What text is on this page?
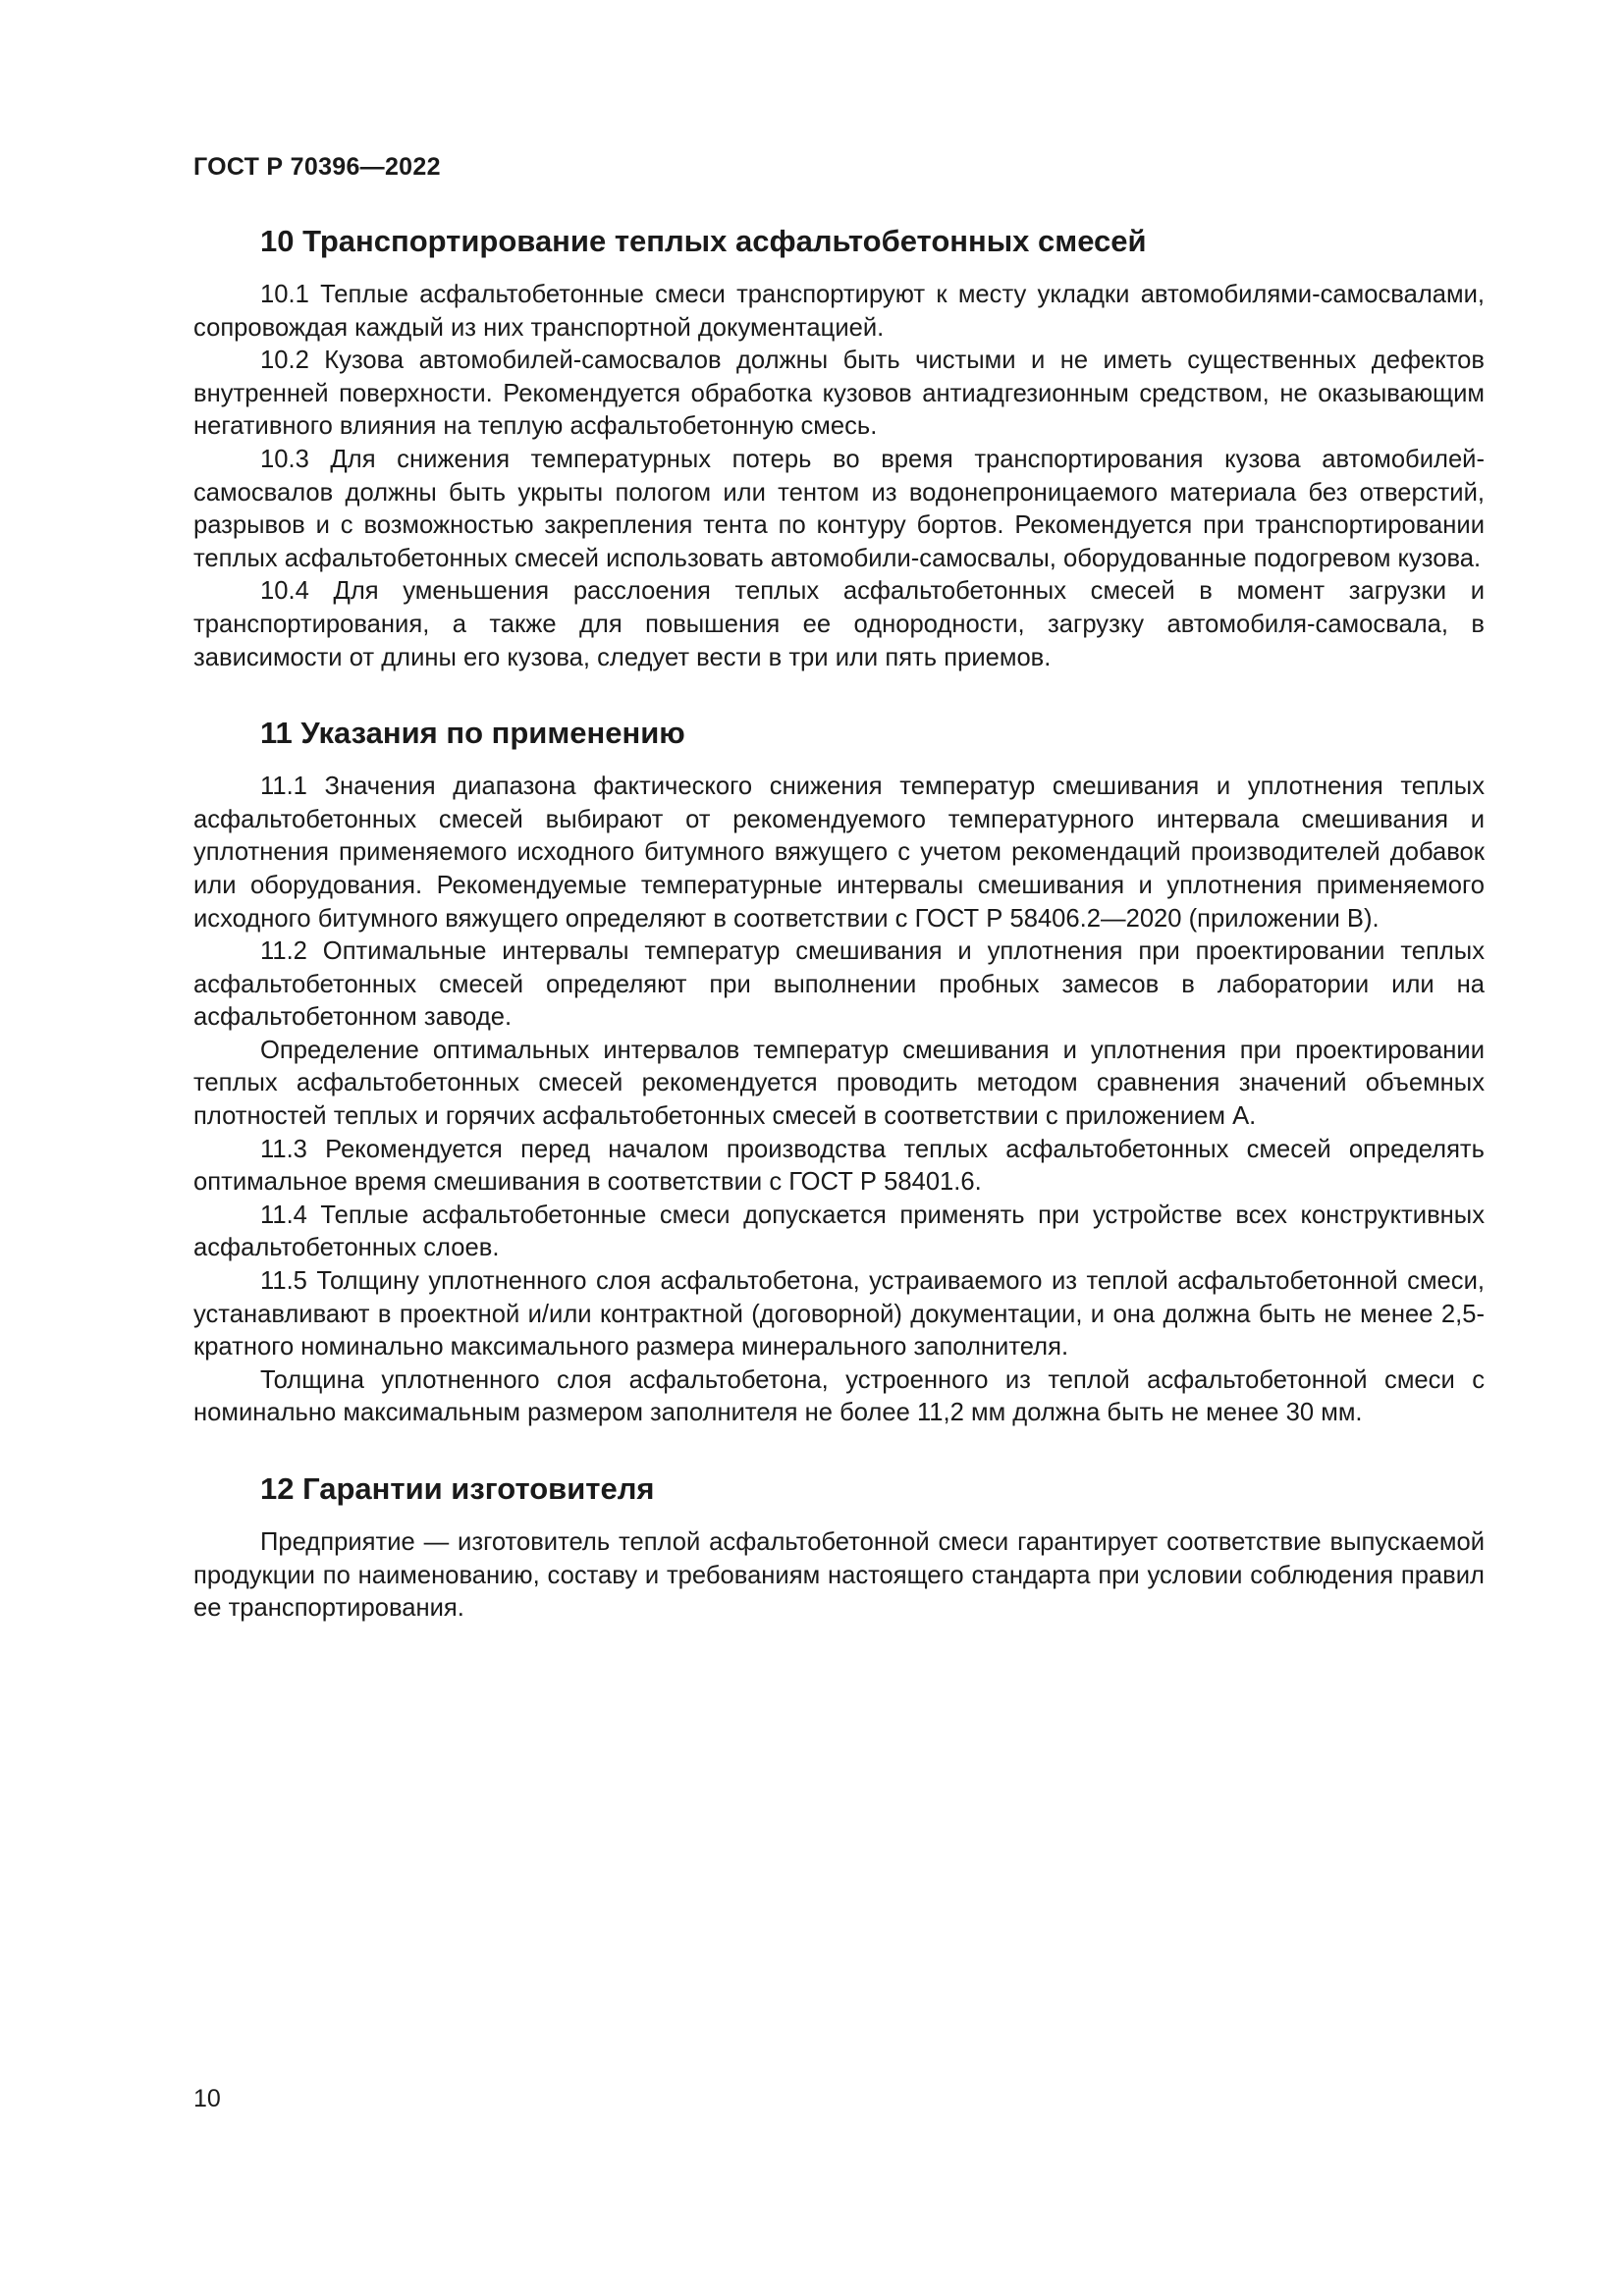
ГОСТ Р 70396—2022
10 Транспортирование теплых асфальтобетонных смесей

10.1 Теплые асфальтобетонные смеси транспортируют к месту укладки автомобилями-самосвалами, сопровождая каждый из них транспортной документацией.

10.2 Кузова автомобилей-самосвалов должны быть чистыми и не иметь существенных дефектов внутренней поверхности. Рекомендуется обработка кузовов антиадгезионным средством, не оказывающим негативного влияния на теплую асфальтобетонную смесь.

10.3 Для снижения температурных потерь во время транспортирования кузова автомобилей-самосвалов должны быть укрыты пологом или тентом из водонепроницаемого материала без отверстий, разрывов и с возможностью закрепления тента по контуру бортов. Рекомендуется при транспортировании теплых асфальтобетонных смесей использовать автомобили-самосвалы, оборудованные подогревом кузова.

10.4 Для уменьшения расслоения теплых асфальтобетонных смесей в момент загрузки и транспортирования, а также для повышения ее однородности, загрузку автомобиля-самосвала, в зависимости от длины его кузова, следует вести в три или пять приемов.

11 Указания по применению

11.1 Значения диапазона фактического снижения температур смешивания и уплотнения теплых асфальтобетонных смесей выбирают от рекомендуемого температурного интервала смешивания и уплотнения применяемого исходного битумного вяжущего с учетом рекомендаций производителей добавок или оборудования. Рекомендуемые температурные интервалы смешивания и уплотнения применяемого исходного битумного вяжущего определяют в соответствии с ГОСТ Р 58406.2—2020 (приложении В).

11.2 Оптимальные интервалы температур смешивания и уплотнения при проектировании теплых асфальтобетонных смесей определяют при выполнении пробных замесов в лаборатории или на асфальтобетонном заводе.

Определение оптимальных интервалов температур смешивания и уплотнения при проектировании теплых асфальтобетонных смесей рекомендуется проводить методом сравнения значений объемных плотностей теплых и горячих асфальтобетонных смесей в соответствии с приложением А.

11.3 Рекомендуется перед началом производства теплых асфальтобетонных смесей определять оптимальное время смешивания в соответствии с ГОСТ Р 58401.6.

11.4 Теплые асфальтобетонные смеси допускается применять при устройстве всех конструктивных асфальтобетонных слоев.

11.5 Толщину уплотненного слоя асфальтобетона, устраиваемого из теплой асфальтобетонной смеси, устанавливают в проектной и/или контрактной (договорной) документации, и она должна быть не менее 2,5-кратного номинально максимального размера минерального заполнителя.

Толщина уплотненного слоя асфальтобетона, устроенного из теплой асфальтобетонной смеси с номинально максимальным размером заполнителя не более 11,2 мм должна быть не менее 30 мм.

12 Гарантии изготовителя

Предприятие — изготовитель теплой асфальтобетонной смеси гарантирует соответствие выпускаемой продукции по наименованию, составу и требованиям настоящего стандарта при условии соблюдения правил ее транспортирования.

10
